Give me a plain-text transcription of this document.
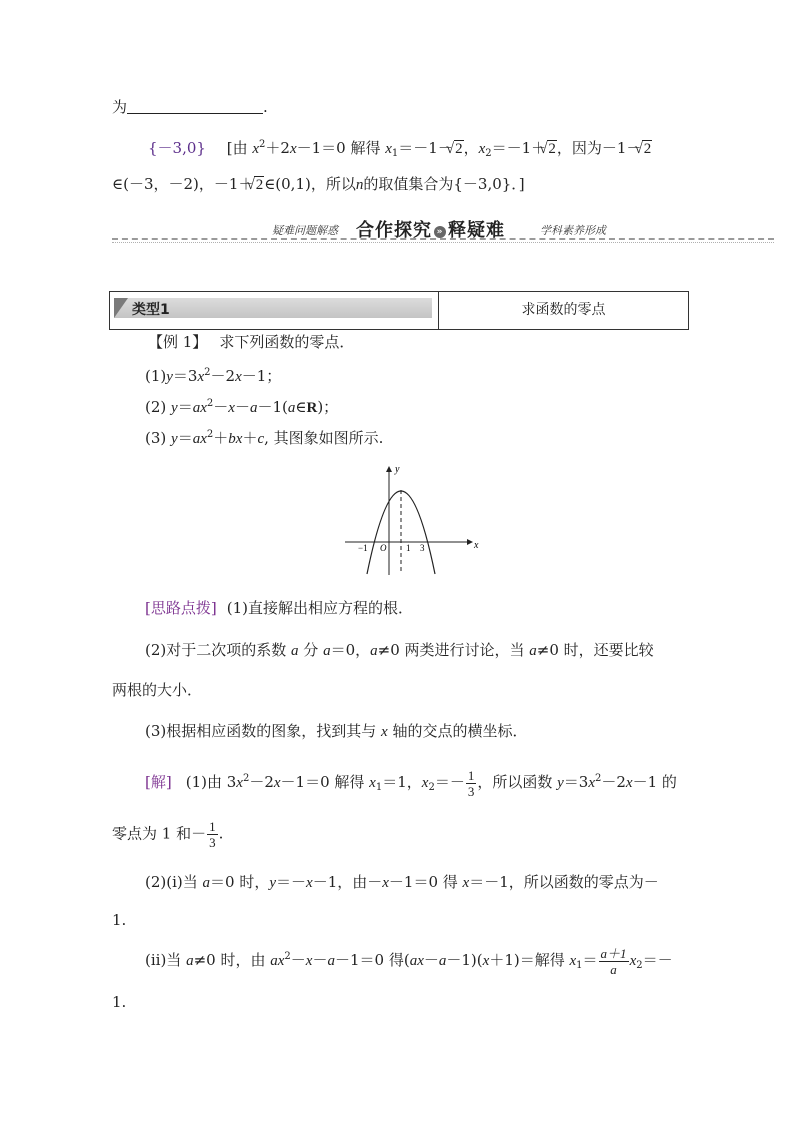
为	.
{－3,0} [由 $x^2+2x-1=0$ 解得 $x_1=-1-√$ 2，$x_2=-1+√$ 2，因为－1－√ 2
∈(－3，－2)，－1＋√ 2∈(0,1)，所以n的取值集合为{－3,0}．]
疑难问题解惑 合作探究 » 释疑难	学科素养形成
类型1	求函数的零点
【例 1】 求下列函数的零点．
$(1)y=3x^2-2x-1$；
(2) $y=ax^2-x-a-1(a\in R)$；
(3) $y=ax^2+bx+c$, 其图象如图所示.
x
y
−1 O 1 3
[思路点拨] (1)直接解出相应方程的根．
(2)对于二次项的系数 a 分 a＝0，a≠0 两类进行讨论，当 a≠0 时，还要比较
两根的大小．
(3)根据相应函数的图象，找到其与 x 轴的交点的横坐标．
[解] (1)由 $3x^2-2x-1=0$ 解得 $x_1=1$，$x_2=- \frac{1}{3}$ ，所以函数 $y=3x^2-2x-1$ 的
零点为 1 和－ $\frac{1}{3}$ .
(2)(ⅰ)当 a＝0 时，y＝－x－1，由－x－1＝0 得 x＝－1，所以函数的零点为－
1.
(ⅱ)当 a≠0 时，由 $ax^2-x-a-1=0$ 得(ax－a－1)(x＋1)＝解得 $x_1= \frac{a+1}{a} x_2=-$
1.
